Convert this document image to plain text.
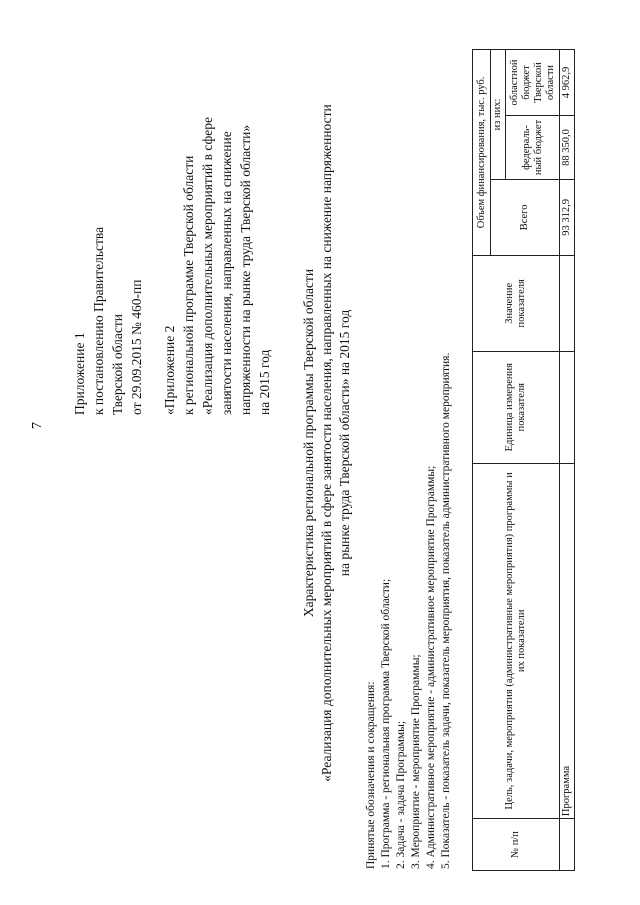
7
Приложение 1 к постановлению Правительства Тверской области от 29.09.2015 № 460-пп «Приложение 2 к региональной программе Тверской области «Реализация дополнительных мероприятий в сфере занятости населения, направленных на снижение напряженности на рынке труда Тверской области» на 2015 год Характеристика региональной программы Тверской области «Реализация дополнительных мероприятий в сфере занятости населения, направленных на снижение напряженности на рынке труда Тверской области» на 2015 год
Принятые обозначения и сокращения: 1. Программа - региональная программа Тверской области; 2. Задача - задача Программы; 3. Мероприятие - мероприятие Программы; 4. Административное мероприятие - административное мероприятие Программы; 5. Показатель - показатель задачи, показатель мероприятия, показатель административного мероприятия.	№ п/п	Цель, задачи, мероприятия (административные мероприятия) программы и их показатели	Единица измерения показателя	Значение показателя	Объем финансирования, тыс. руб.		
				Всего	из них:	
					федераль-ный бюджет	областной бюджет Тверской области
	Программа			93 312,9	88 350,0	4 962,9
